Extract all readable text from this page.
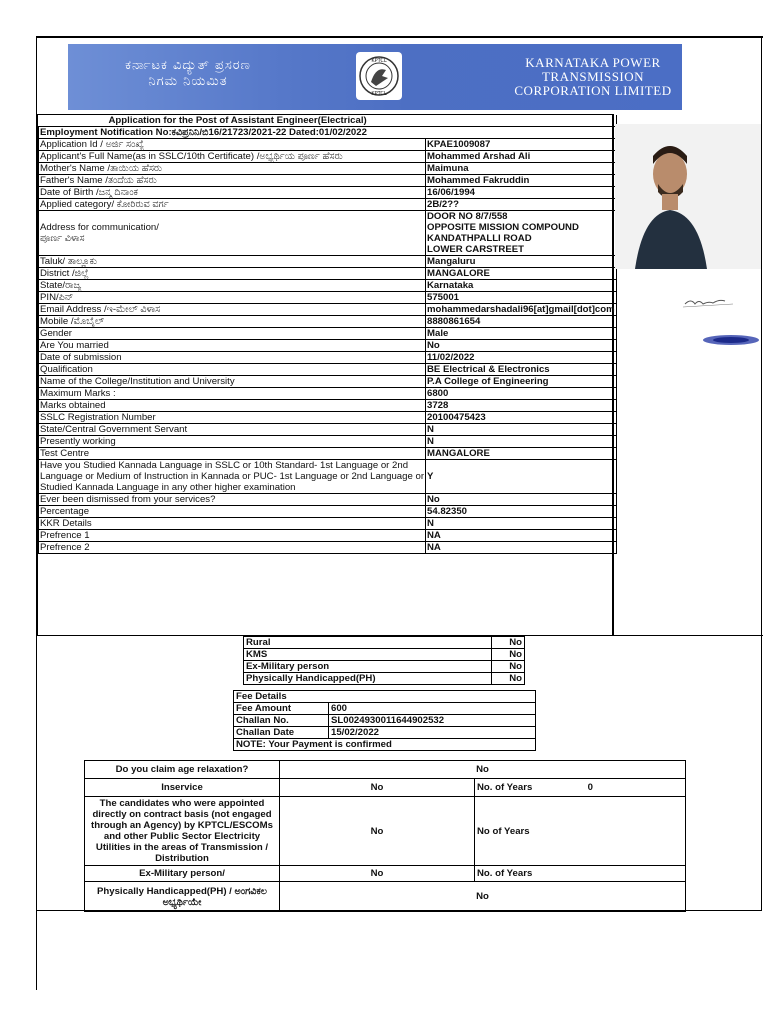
ಕರ್ನಾಟಕ ವಿದ್ಯುತ್ ಪ್ರಸರಣ
ನಿಗಮ ನಿಯಮಿತ
KPTCL
KPTCL
KARNATAKA POWER
TRANSMISSION
CORPORATION LIMITED
Application for the Post of Assistant Engineer(Electrical)	
Employment Notification No:ಕವಿಪ್ರನಿನಿ/ಬಿ16/21723/2021-22 Dated:01/02/2022	
Application Id / ಅರ್ಜಿ ಸಂಖ್ಯೆ	KPAE1009087
Applicant's Full Name(as in SSLC/10th Certificate) /ಅಭ್ಯರ್ಥಿಯ ಪೂರ್ಣ ಹೆಸರು	Mohammed Arshad Ali
Mother's Name /ತಾಯಿಯ ಹೆಸರು	Maimuna
Father's Name /ತಂದೆಯ ಹೆಸರು	Mohammed Fakruddin
Date of Birth /ಜನ್ಮ ದಿನಾಂಕ	16/06/1994
Applied category/ ಕೋರಿರುವ ವರ್ಗ	2B/2??

Address for communication/
ಪೂರ್ಣ ವಿಳಾಸ	DOOR NO 8/7/558
OPPOSITE MISSION COMPOUND
KANDATHPALLI ROAD
LOWER CARSTREET
Taluk/ ತಾಲ್ಲೂಕು	Mangaluru
District /ಜಿಲ್ಲೆ	MANGALORE
State/ರಾಜ್ಯ	Karnataka
PIN/ಪಿನ್	575001
Email Address /ಇ-ಮೇಲ್ ವಿಳಾಸ	mohammedarshadali96[at]gmail[dot]com
Mobile /ಮೊಬೈಲ್	8880861654
Gender	Male
Are You married	No
Date of submission	11/02/2022
Qualification	BE Electrical & Electronics
Name of the College/Institution and University	P.A College of Engineering
Maximum Marks :	6800
Marks obtained	3728
SSLC Registration Number	20100475423
State/Central Government Servant	N
Presently working	N
Test Centre	MANGALORE
Have you Studied Kannada Language in SSLC or 10th Standard- 1st Language or 2nd Language or Medium of Instruction in Kannada or PUC- 1st Language or 2nd Language or Studied Kannada Language in any other higher examination	Y
Ever been dismissed from your services?	No
Percentage	54.82350
KKR Details	N
Prefrence 1	NA
Prefrence 2	NA
Rural	No
KMS	No
Ex-Military person	No
Physically Handicapped(PH)	No
Fee Details	
Fee Amount	600
Challan No.	SL0024930011644902532
Challan Date	15/02/2022
NOTE: Your Payment is confirmed	
Do you claim age relaxation?	No	
Inservice	No	No. of Years 0
The candidates who were appointed directly on contract basis (not engaged through an Agency) by KPTCL/ESCOMs and other Public Sector Electricity Utilities in the areas of Transmission / Distribution	No	No of Years
Ex-Military person/	No	No. of Years
Physically Handicapped(PH) / ಅಂಗವಿಕಲ ಅಭ್ಯರ್ಥಿಯೇ	No	
